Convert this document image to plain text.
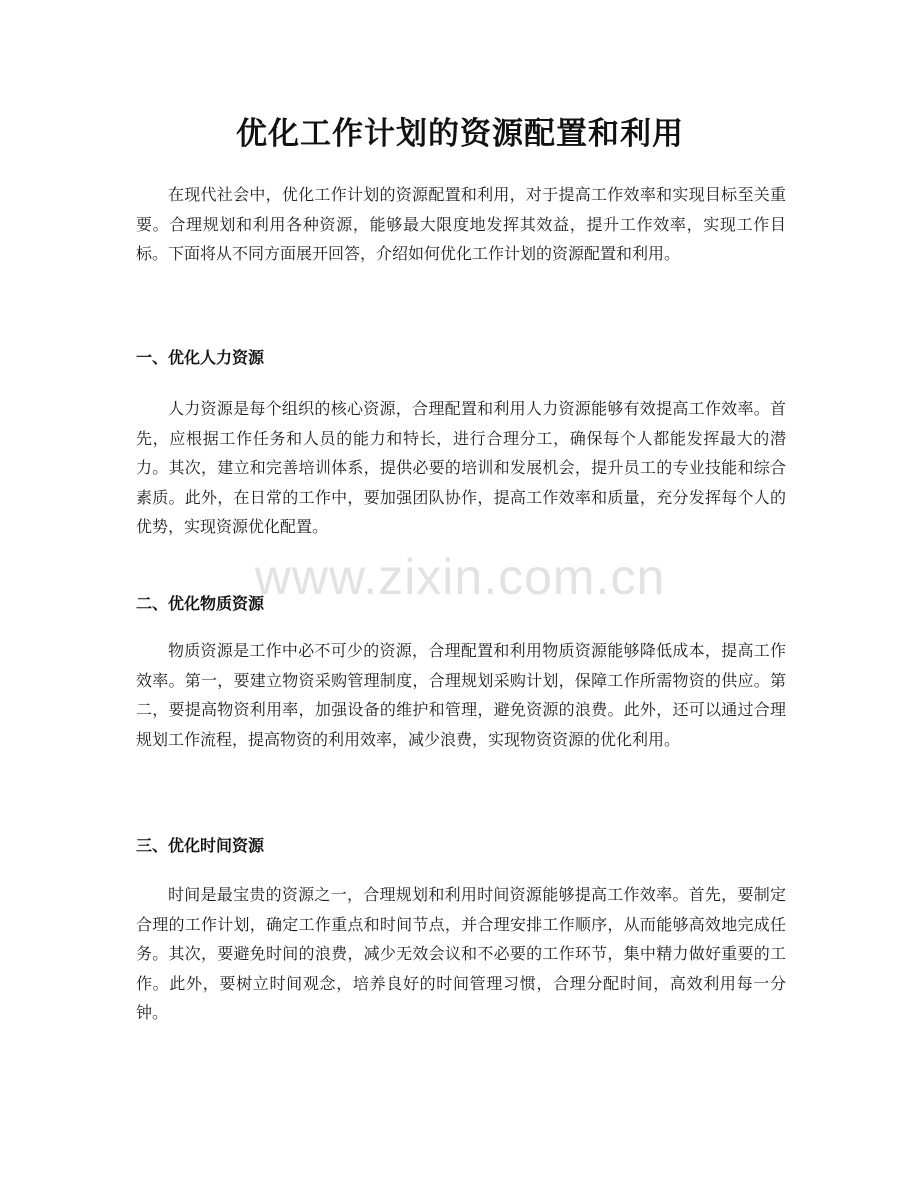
优化工作计划的资源配置和利用

在现代社会中，优化工作计划的资源配置和利用，对于提高工作效率和实现目标至关重要。合理规划和利用各种资源，能够最大限度地发挥其效益，提升工作效率，实现工作目标。下面将从不同方面展开回答，介绍如何优化工作计划的资源配置和利用。

一、优化人力资源

人力资源是每个组织的核心资源，合理配置和利用人力资源能够有效提高工作效率。首先，应根据工作任务和人员的能力和特长，进行合理分工，确保每个人都能发挥最大的潜力。其次，建立和完善培训体系，提供必要的培训和发展机会，提升员工的专业技能和综合素质。此外，在日常的工作中，要加强团队协作，提高工作效率和质量，充分发挥每个人的优势，实现资源优化配置。

二、优化物质资源

物质资源是工作中必不可少的资源，合理配置和利用物质资源能够降低成本，提高工作效率。第一，要建立物资采购管理制度，合理规划采购计划，保障工作所需物资的供应。第二，要提高物资利用率，加强设备的维护和管理，避免资源的浪费。此外，还可以通过合理规划工作流程，提高物资的利用效率，减少浪费，实现物资资源的优化利用。

三、优化时间资源

时间是最宝贵的资源之一，合理规划和利用时间资源能够提高工作效率。首先，要制定合理的工作计划，确定工作重点和时间节点，并合理安排工作顺序，从而能够高效地完成任务。其次，要避免时间的浪费，减少无效会议和不必要的工作环节，集中精力做好重要的工作。此外，要树立时间观念，培养良好的时间管理习惯，合理分配时间，高效利用每一分钟。

www.zixin.com.cn
